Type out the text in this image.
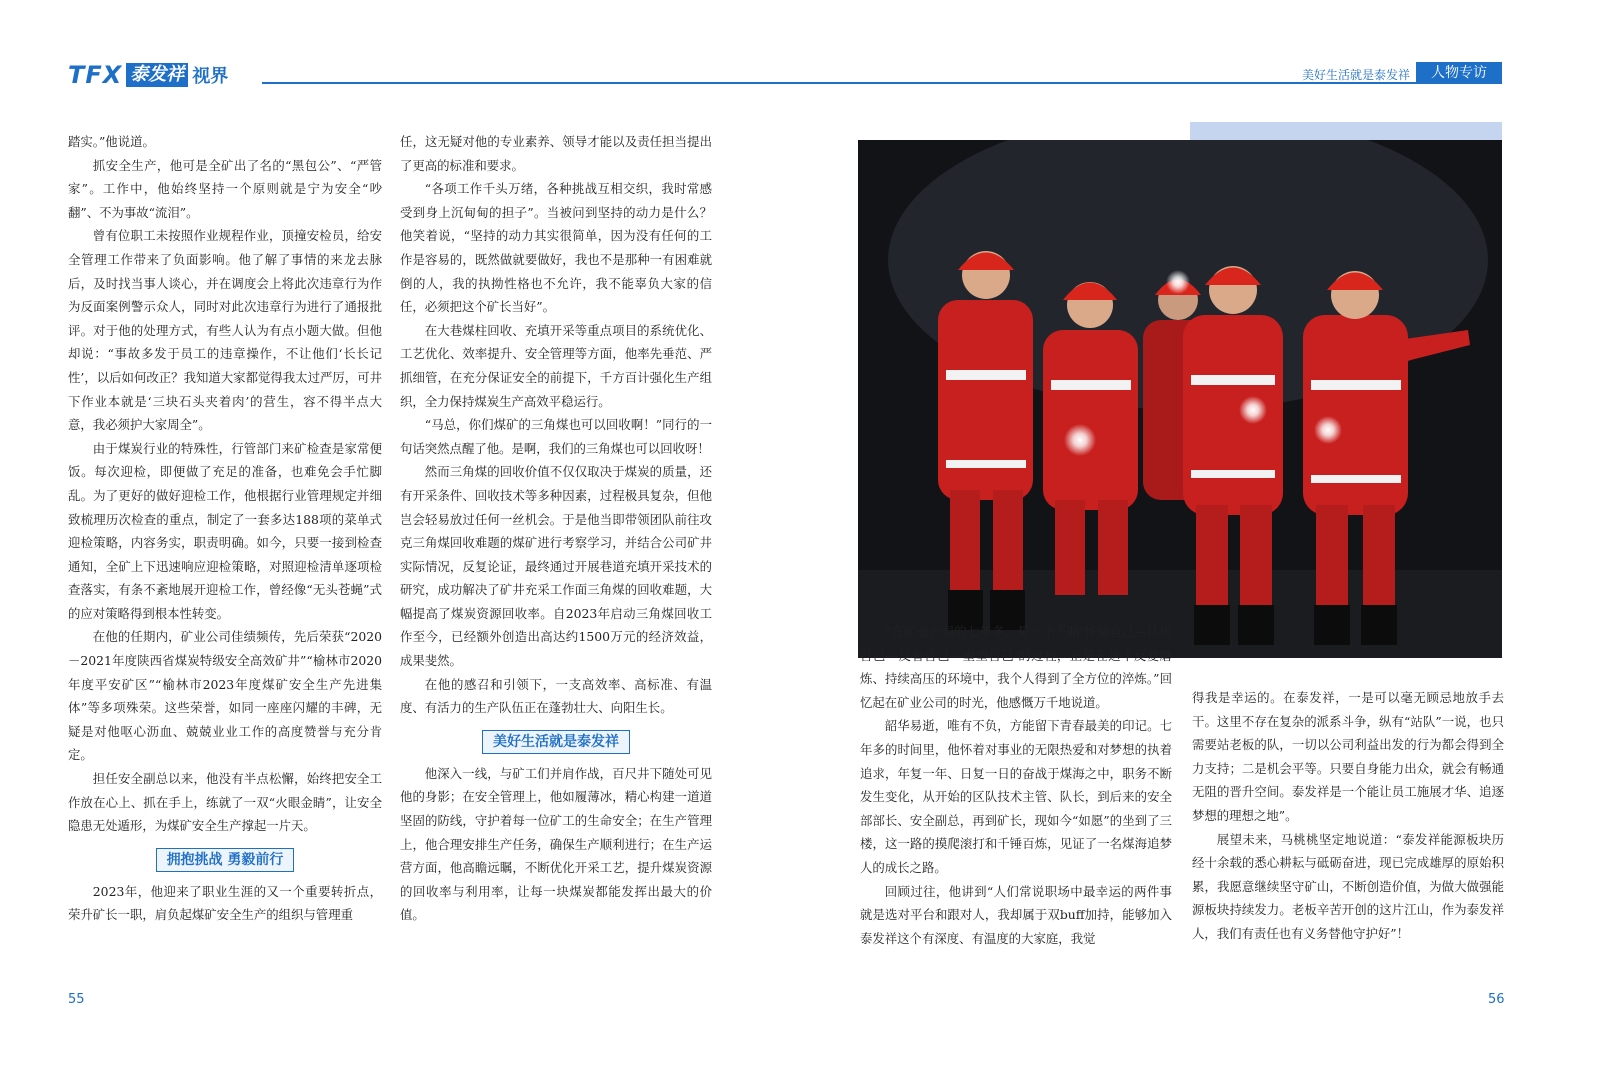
TFX 泰发祥 视界	美好生活就是泰发祥	人物专访

踏实。”他说道。

抓安全生产，他可是全矿出了名的“黑包公”、“严管家”。工作中，他始终坚持一个原则就是宁为安全“吵翻”、不为事故“流泪”。

曾有位职工未按照作业规程作业，顶撞安检员，给安全管理工作带来了负面影响。他了解了事情的来龙去脉后，及时找当事人谈心，并在调度会上将此次违章行为作为反面案例警示众人，同时对此次违章行为进行了通报批评。对于他的处理方式，有些人认为有点小题大做。但他却说：“事故多发于员工的违章操作，不让他们‘长长记性’，以后如何改正？我知道大家都觉得我太过严厉，可井下作业本就是‘三块石头夹着肉’的营生，容不得半点大意，我必须护大家周全”。

由于煤炭行业的特殊性，行管部门来矿检查是家常便饭。每次迎检，即便做了充足的准备，也难免会手忙脚乱。为了更好的做好迎检工作，他根据行业管理规定并细致梳理历次检查的重点，制定了一套多达188项的菜单式迎检策略，内容务实，职责明确。如今，只要一接到检查通知，全矿上下迅速响应迎检策略，对照迎检清单逐项检查落实，有条不紊地展开迎检工作，曾经像“无头苍蝇”式的应对策略得到根本性转变。

在他的任期内，矿业公司佳绩频传，先后荣获“2020－2021年度陕西省煤炭特级安全高效矿井”“榆林市2020年度平安矿区”“榆林市2023年度煤矿安全生产先进集体”等多项殊荣。这些荣誉，如同一座座闪耀的丰碑，无疑是对他呕心沥血、兢兢业业工作的高度赞誉与充分肯定。

担任安全副总以来，他没有半点松懈，始终把安全工作放在心上、抓在手上，练就了一双“火眼金睛”，让安全隐患无处遁形，为煤矿安全生产撑起一片天。

拥抱挑战 勇毅前行

2023年，他迎来了职业生涯的又一个重要转折点，荣升矿长一职，肩负起煤矿安全生产的组织与管理重

任，这无疑对他的专业素养、领导才能以及责任担当提出了更高的标准和要求。

“各项工作千头万绪，各种挑战互相交织，我时常感受到身上沉甸甸的担子”。当被问到坚持的动力是什么？他笑着说，“坚持的动力其实很简单，因为没有任何的工作是容易的，既然做就要做好，我也不是那种一有困难就倒的人，我的执拗性格也不允许，我不能辜负大家的信任，必须把这个矿长当好”。

在大巷煤柱回收、充填开采等重点项目的系统优化、工艺优化、效率提升、安全管理等方面，他率先垂范、严抓细管，在充分保证安全的前提下，千方百计强化生产组织，全力保持煤炭生产高效平稳运行。

“马总，你们煤矿的三角煤也可以回收啊！”同行的一句话突然点醒了他。是啊，我们的三角煤也可以回收呀！

然而三角煤的回收价值不仅仅取决于煤炭的质量，还有开采条件、回收技术等多种因素，过程极具复杂，但他岂会轻易放过任何一丝机会。于是他当即带领团队前往攻克三角煤回收难题的煤矿进行考察学习，并结合公司矿井实际情况，反复论证，最终通过开展巷道充填开采技术的研究，成功解决了矿井充采工作面三角煤的回收难题，大幅提高了煤炭资源回收率。自2023年启动三角煤回收工作至今，已经额外创造出高达约1500万元的经济效益，成果斐然。

在他的感召和引领下，一支高效率、高标准、有温度、有活力的生产队伍正在蓬勃壮大、向阳生长。

美好生活就是泰发祥

他深入一线，与矿工们并肩作战，百尺井下随处可见他的身影；在安全管理上，他如履薄冰，精心构建一道道坚固的防线，守护着每一位矿工的生命安全；在生产管理上，他合理安排生产任务，确保生产顺利进行；在生产运营方面，他高瞻远瞩，不断优化开采工艺，提升煤炭资源的回收率与利用率，让每一块煤炭都能发挥出最大的价值。

“在矿业公司的七年多，是一个不断‘怀疑自己—认识自己—反省自己—重塑自己’的过程，正是在这个反复磨炼、持续高压的环境中，我个人得到了全方位的淬炼。”回忆起在矿业公司的时光，他感慨万千地说道。

韶华易逝，唯有不负，方能留下青春最美的印记。七年多的时间里，他怀着对事业的无限热爱和对梦想的执着追求，年复一年、日复一日的奋战于煤海之中，职务不断发生变化，从开始的区队技术主管、队长，到后来的安全部部长、安全副总，再到矿长，现如今“如愿”的坐到了三楼，这一路的摸爬滚打和千锤百炼，见证了一名煤海追梦人的成长之路。

回顾过往，他讲到“人们常说职场中最幸运的两件事就是选对平台和跟对人，我却属于双buff加持，能够加入泰发祥这个有深度、有温度的大家庭，我觉

得我是幸运的。在泰发祥，一是可以毫无顾忌地放手去干。这里不存在复杂的派系斗争，纵有“站队”一说，也只需要站老板的队，一切以公司利益出发的行为都会得到全力支持；二是机会平等。只要自身能力出众，就会有畅通无阻的晋升空间。泰发祥是一个能让员工施展才华、追逐梦想的理想之地”。

展望未来，马桃桃坚定地说道：“泰发祥能源板块历经十余载的悉心耕耘与砥砺奋进，现已完成雄厚的原始积累，我愿意继续坚守矿山，不断创造价值，为做大做强能源板块持续发力。老板辛苦开创的这片江山，作为泰发祥人，我们有责任也有义务替他守护好”！

55	56
